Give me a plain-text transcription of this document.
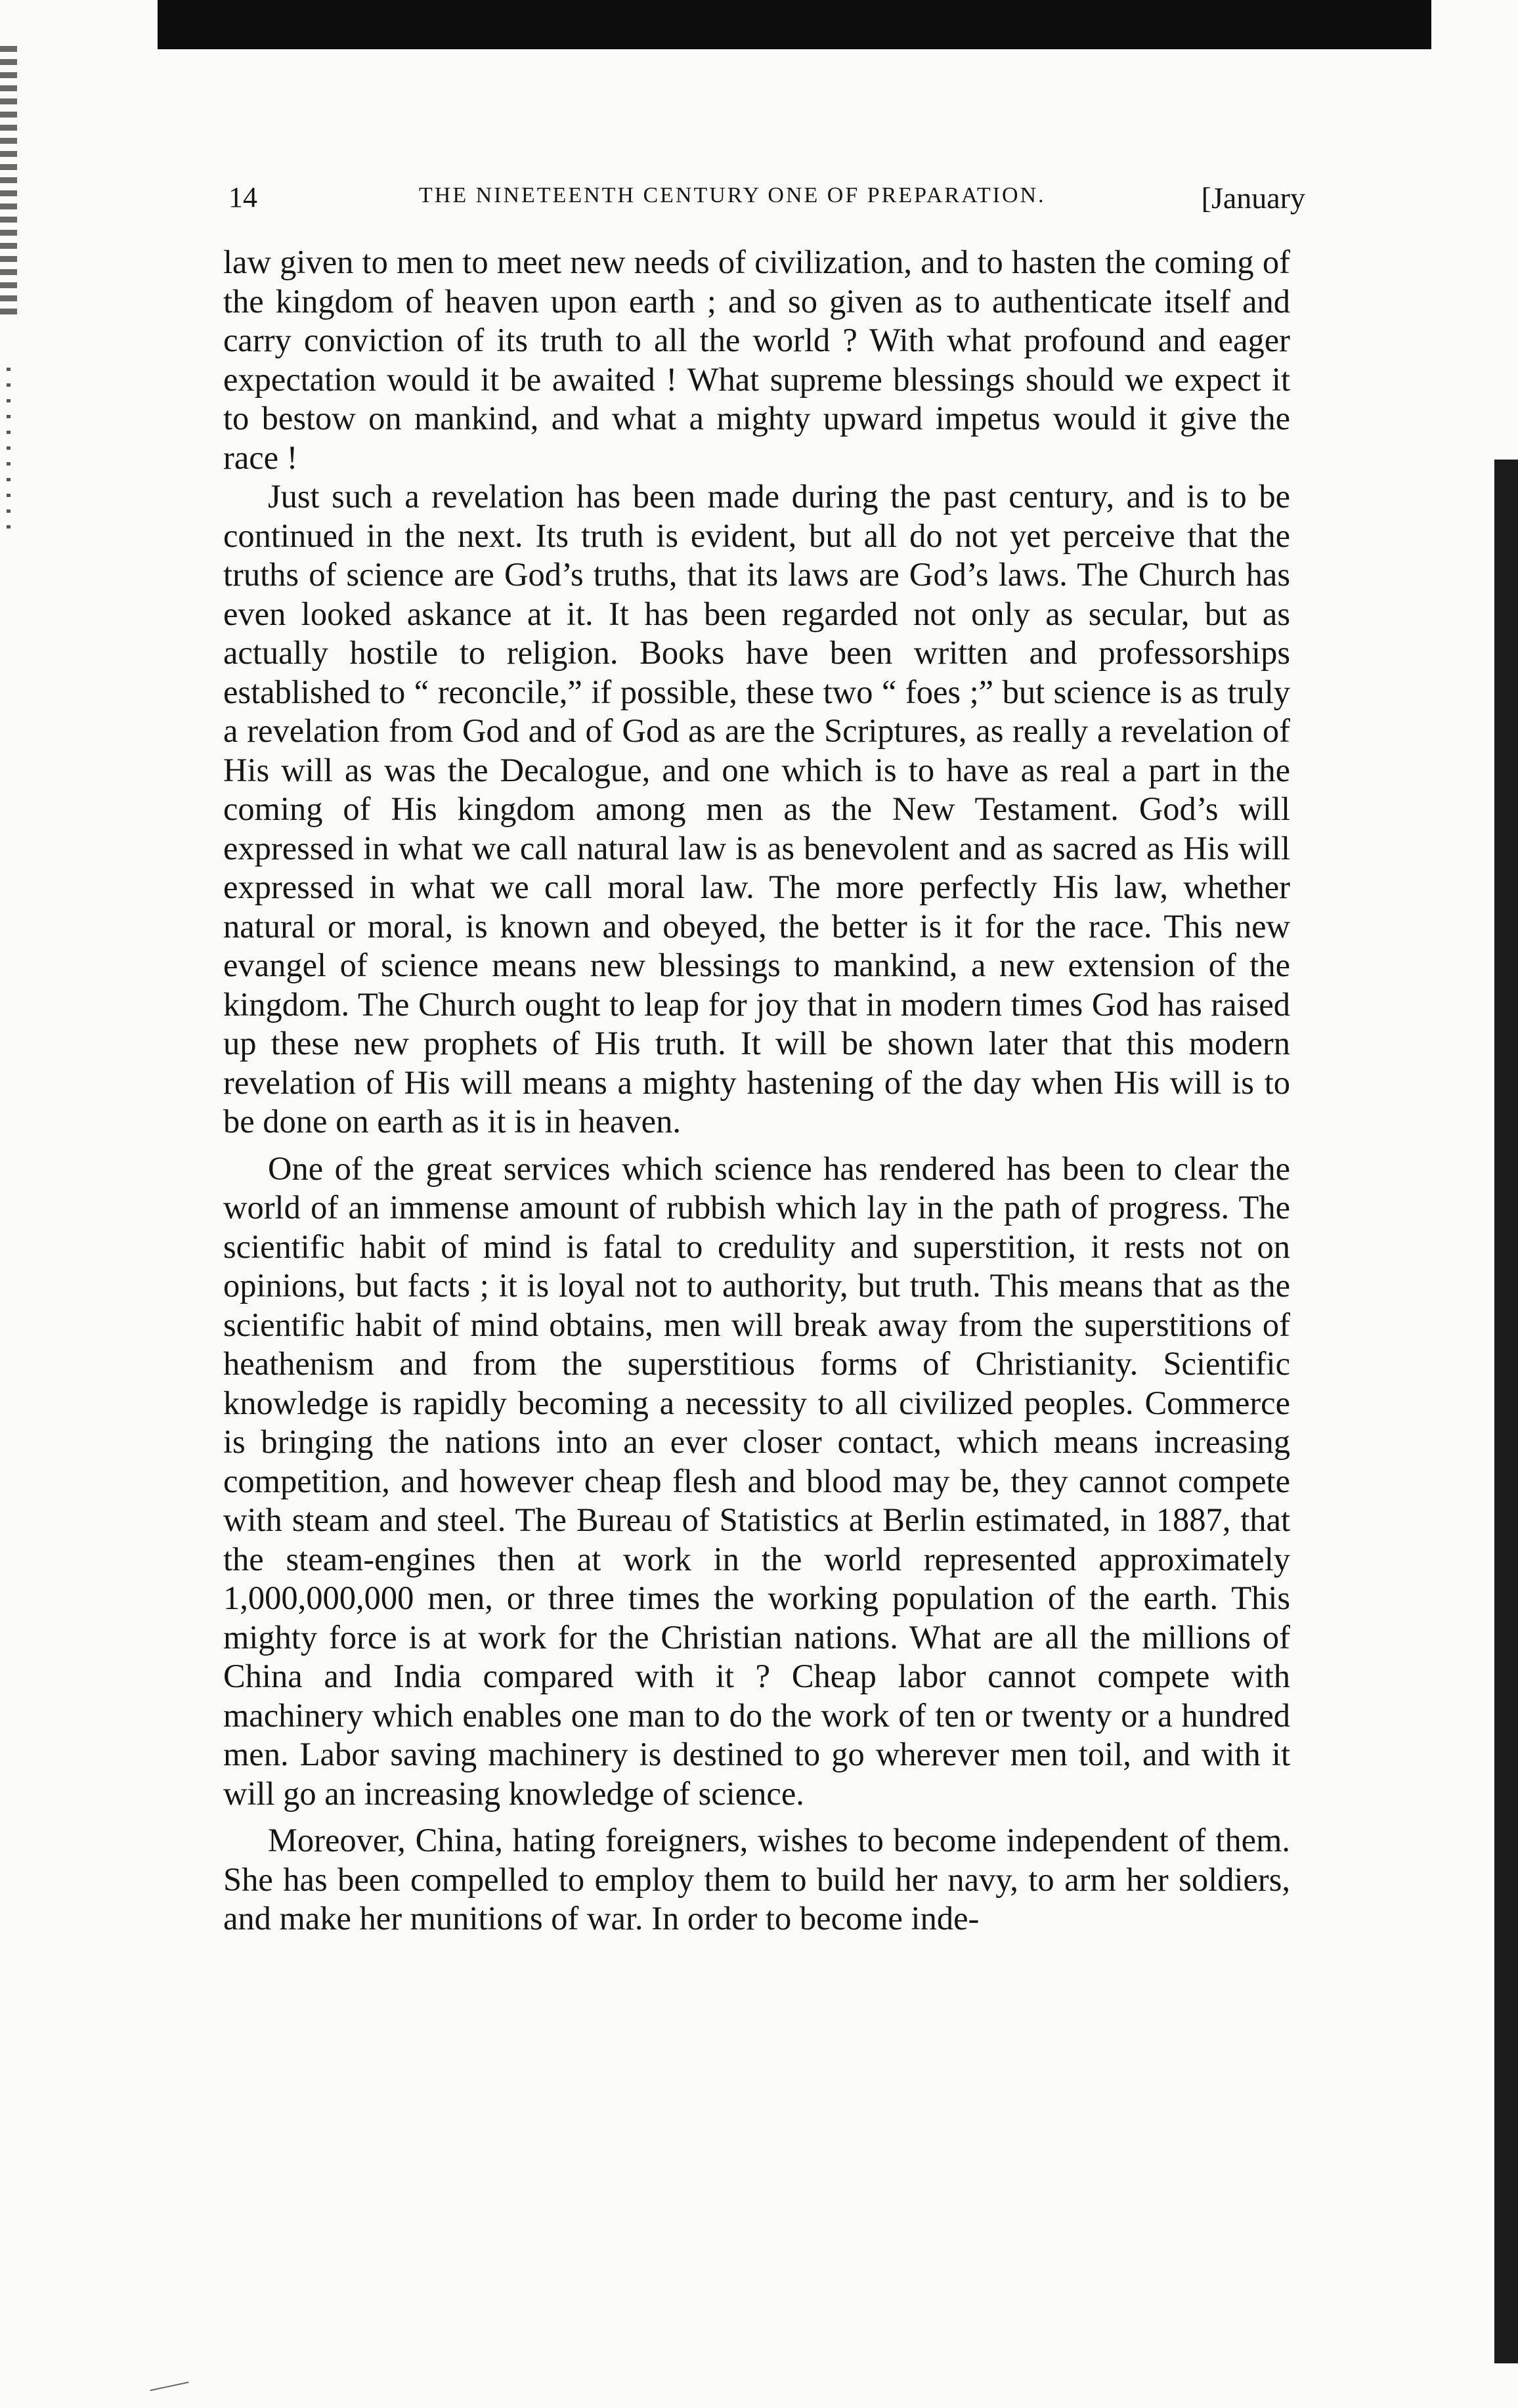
14	THE NINETEENTH CENTURY ONE OF PREPARATION.	[January

law given to men to meet new needs of civilization, and to hasten the coming of the kingdom of heaven upon earth ; and so given as to authenticate itself and carry conviction of its truth to all the world ? With what profound and eager expectation would it be awaited ! What supreme blessings should we expect it to bestow on mankind, and what a mighty upward impetus would it give the race !

Just such a revelation has been made during the past century, and is to be continued in the next. Its truth is evident, but all do not yet perceive that the truths of science are God’s truths, that its laws are God’s laws. The Church has even looked askance at it. It has been regarded not only as secular, but as actually hostile to religion. Books have been written and professorships established to “ reconcile,” if possible, these two “ foes ;” but science is as truly a revelation from God and of God as are the Scriptures, as really a revelation of His will as was the Decalogue, and one which is to have as real a part in the coming of His kingdom among men as the New Testament. God’s will expressed in what we call natural law is as benevolent and as sacred as His will expressed in what we call moral law. The more perfectly His law, whether natural or moral, is known and obeyed, the better is it for the race. This new evangel of science means new blessings to mankind, a new extension of the kingdom. The Church ought to leap for joy that in modern times God has raised up these new prophets of His truth. It will be shown later that this modern revelation of His will means a mighty hastening of the day when His will is to be done on earth as it is in heaven.

One of the great services which science has rendered has been to clear the world of an immense amount of rubbish which lay in the path of progress. The scientific habit of mind is fatal to credulity and superstition, it rests not on opinions, but facts ; it is loyal not to authority, but truth. This means that as the scientific habit of mind obtains, men will break away from the superstitions of heathenism and from the superstitious forms of Christianity. Scientific knowledge is rapidly becoming a necessity to all civilized peoples. Commerce is bringing the nations into an ever closer contact, which means increasing competition, and however cheap flesh and blood may be, they cannot compete with steam and steel. The Bureau of Statistics at Berlin estimated, in 1887, that the steam-engines then at work in the world represented approximately 1,000,000,000 men, or three times the working population of the earth. This mighty force is at work for the Christian nations. What are all the millions of China and India compared with it ? Cheap labor cannot compete with machinery which enables one man to do the work of ten or twenty or a hundred men. Labor saving machinery is destined to go wherever men toil, and with it will go an increasing knowledge of science.

Moreover, China, hating foreigners, wishes to become independent of them. She has been compelled to employ them to build her navy, to arm her soldiers, and make her munitions of war. In order to become inde-
